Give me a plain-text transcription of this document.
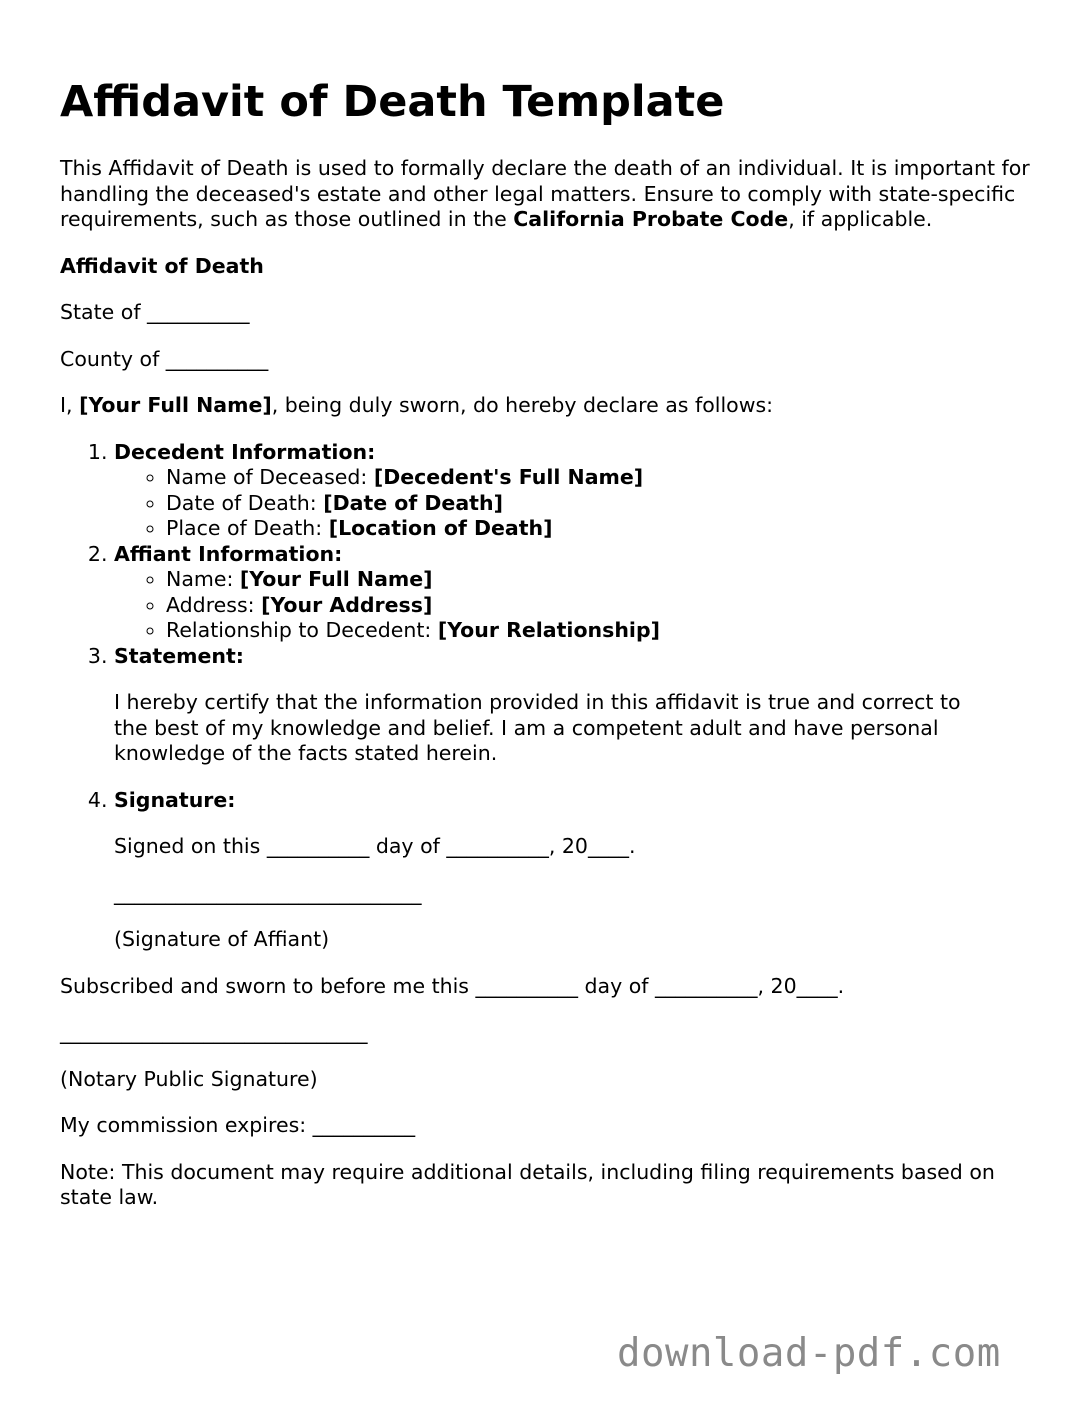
Affidavit of Death Template

This Affidavit of Death is used to formally declare the death of an individual. It is important for handling the deceased's estate and other legal matters. Ensure to comply with state-specific requirements, such as those outlined in the California Probate Code, if applicable.

Affidavit of Death

State of __________

County of __________

I, [Your Full Name], being duly sworn, do hereby declare as follows:

1. Decedent Information:
◦ Name of Deceased: [Decedent's Full Name]
◦ Date of Death: [Date of Death]
◦ Place of Death: [Location of Death]
2. Affiant Information:
◦ Name: [Your Full Name]
◦ Address: [Your Address]
◦ Relationship to Decedent: [Your Relationship]
3. Statement:

I hereby certify that the information provided in this affidavit is true and correct to the best of my knowledge and belief. I am a competent adult and have personal knowledge of the facts stated herein.

4. Signature:

Signed on this __________ day of __________, 20____.

______________________________

(Signature of Affiant)

Subscribed and sworn to before me this __________ day of __________, 20____.

______________________________

(Notary Public Signature)

My commission expires: __________

Note: This document may require additional details, including filing requirements based on state law.

download-pdf.com
